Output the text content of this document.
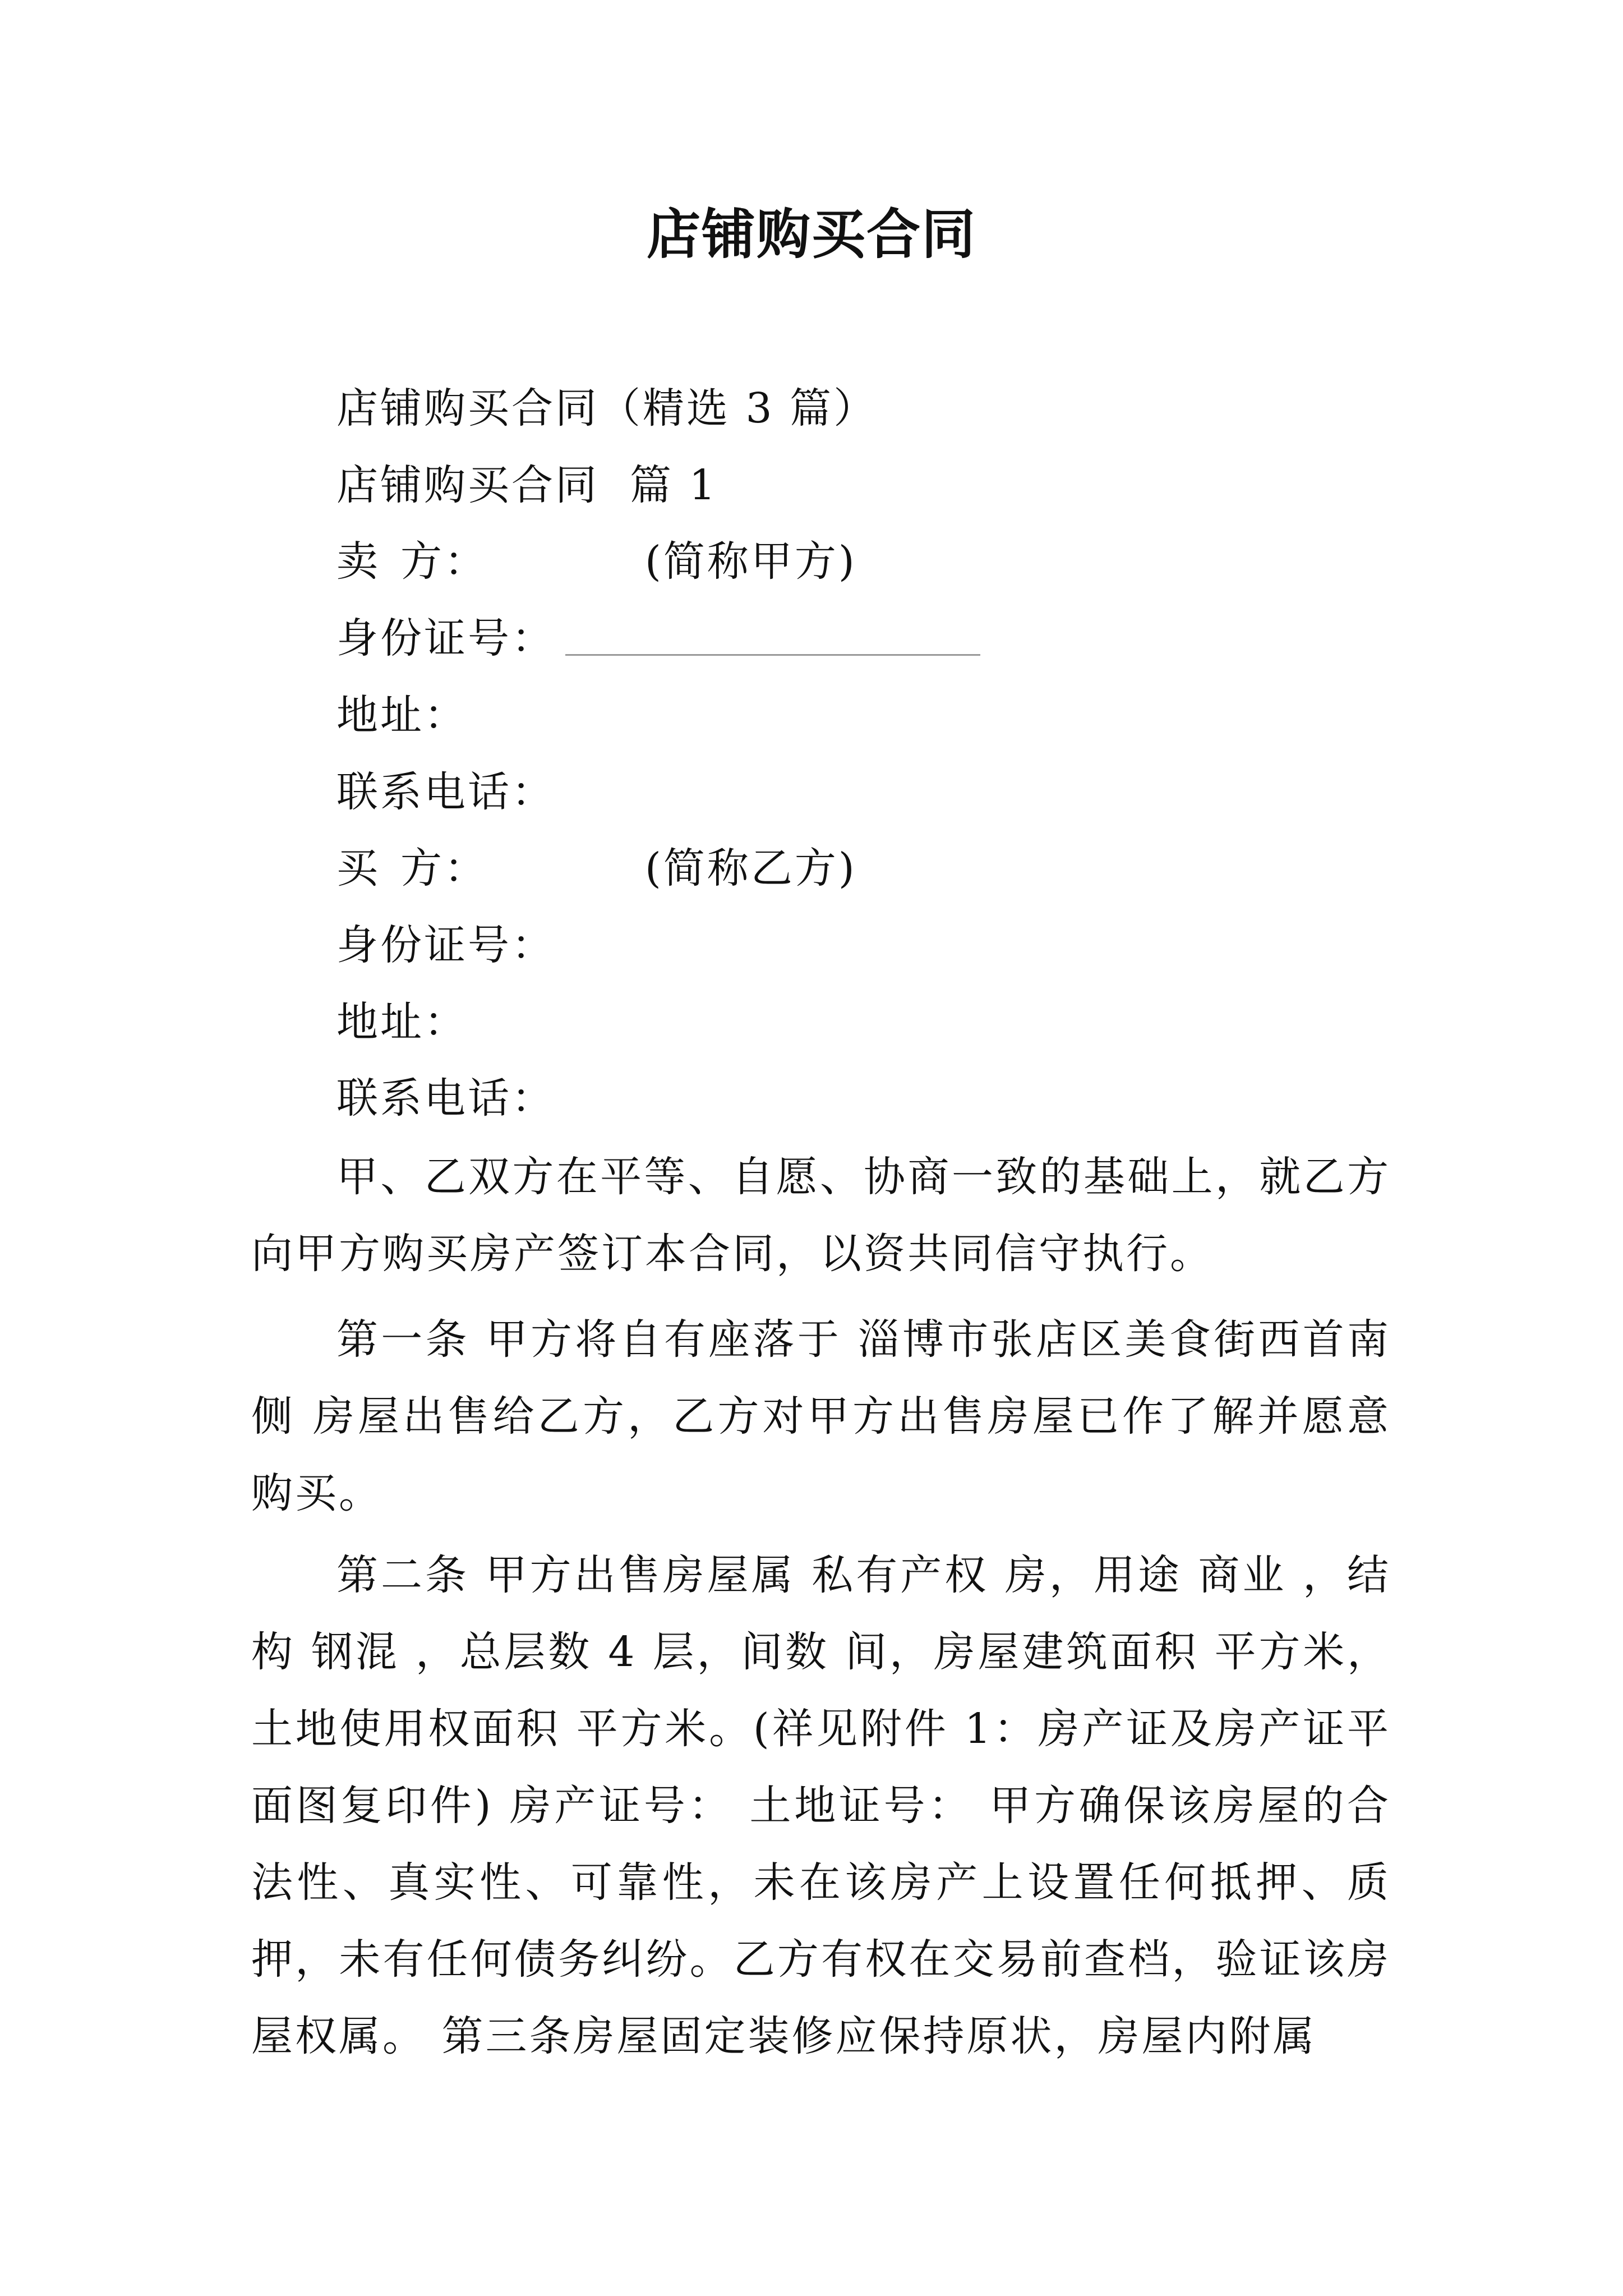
店铺购买合同
店铺购买合同（精选 3 篇）
店铺购买合同  篇 1
卖 方：	(简称甲方)
身份证号：
地址：
联系电话：
买 方：	(简称乙方)
身份证号：
地址：
联系电话：
甲、乙双方在平等、自愿、协商一致的基础上，就乙方向甲方购买房产签订本合同，以资共同信守执行。
第一条 甲方将自有座落于 淄博市张店区美食街西首南侧 房屋出售给乙方，乙方对甲方出售房屋已作了解并愿意购买。
第二条 甲方出售房屋属 私有产权 房，用途 商业 ，结构 钢混 ，总层数 4 层，间数 间，房屋建筑面积 平方米，土地使用权面积 平方米。(祥见附件 1：房产证及房产证平面图复印件) 房产证号： 土地证号： 甲方确保该房屋的合法性、真实性、可靠性，未在该房产上设置任何抵押、质押，未有任何债务纠纷。乙方有权在交易前查档，验证该房屋权属。 第三条房屋固定装修应保持原状，房屋内附属
